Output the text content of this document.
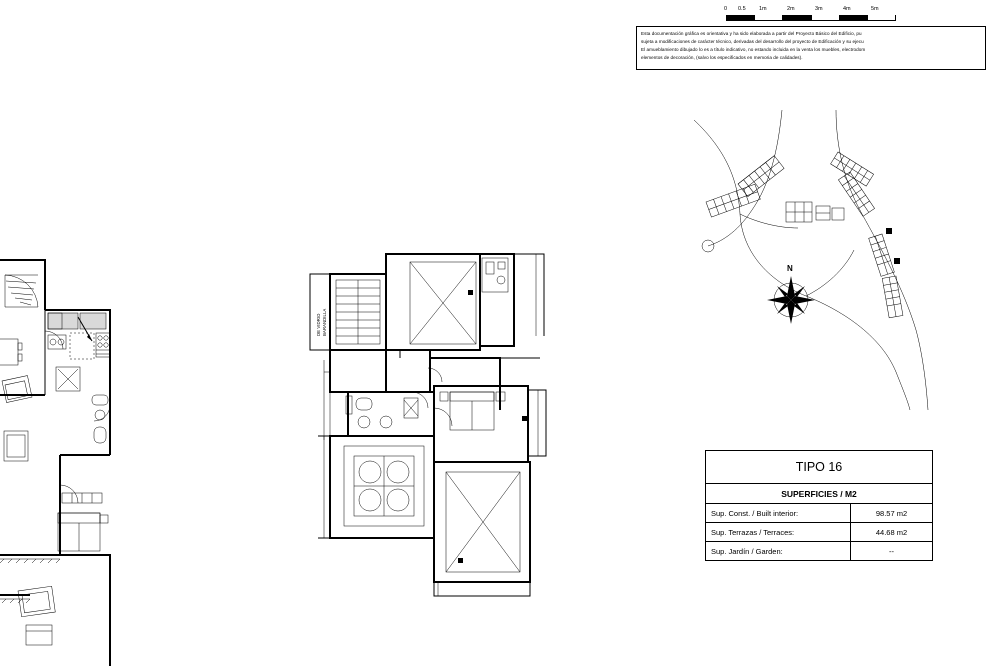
0 0.5 1m	2m	3m	4m	5m

Esta documentación gráfica es orientativa y ha sido elaborada a partir del Proyecto Básico del Edificio, pu

sujeta a modificaciones de carácter técnico, derivadas del desarrollo del proyecto de Edificación y su ejecu

El amueblamiento dibujado lo es a título indicativo, no estando incluida en la venta los muebles, electrodom

elementos de decoración, (salvo los especificados en memoria de calidades).

N
TIPO 16
SUPERFICIES / M2
Sup. Const. / Built interior:	98.57 m2
Sup. Terrazas / Terraces:	44.68 m2
Sup. Jardín / Garden:	--
BARANDILLA
DE VIDRIO
